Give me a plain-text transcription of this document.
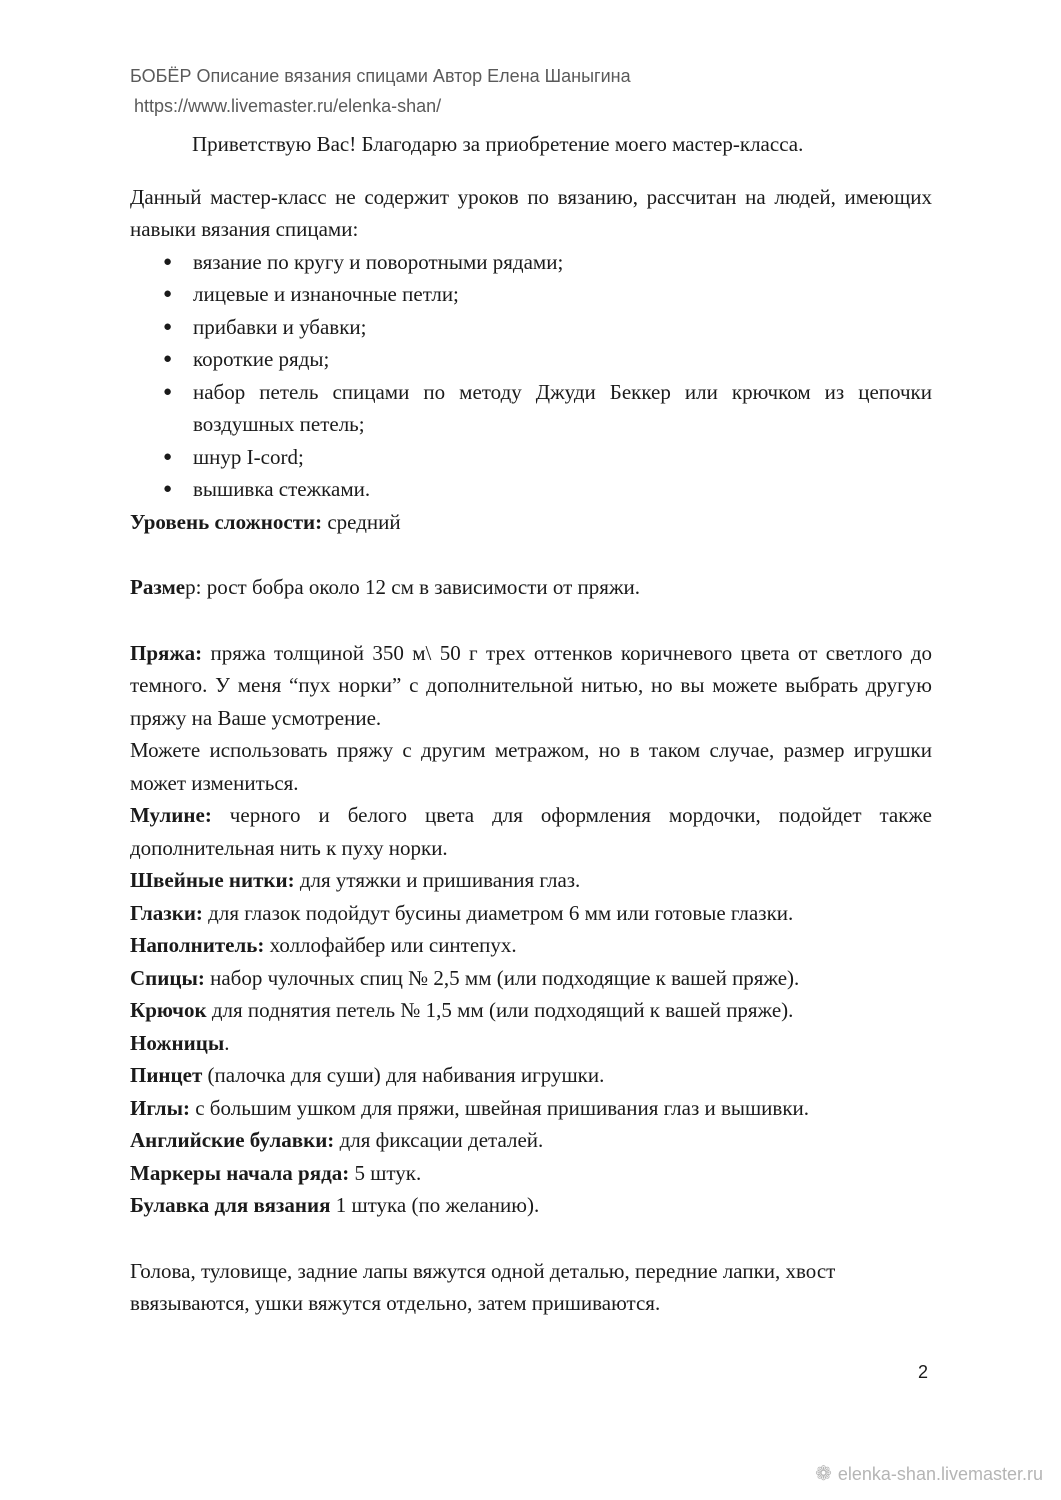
БОБЁР Описание вязания спицами Автор Елена Шаныгина
https://www.livemaster.ru/elenka-shan/

Приветствую Вас! Благодарю за приобретение моего мастер-класса.

Данный мастер-класс не содержит уроков по вязанию, рассчитан на людей, имеющих навыки вязания спицами:

● вязание по кругу и поворотными рядами;
● лицевые и изнаночные петли;
● прибавки и убавки;
● короткие ряды;
● набор петель спицами по методу Джуди Беккер или крючком из цепочки воздушных петель;
● шнур I-cord;
● вышивка стежками.

Уровень сложности: средний

Размер: рост бобра около 12 см в зависимости от пряжи.

Пряжа: пряжа толщиной 350 м\ 50 г трех оттенков коричневого цвета от светлого до темного. У меня “пух норки” с дополнительной нитью, но вы можете выбрать другую пряжу на Ваше усмотрение.

Можете использовать пряжу с другим метражом, но в таком случае, размер игрушки может измениться.

Мулине: черного и белого цвета для оформления мордочки, подойдет также дополнительная нить к пуху норки.

Швейные нитки: для утяжки и пришивания глаз.

Глазки: для глазок подойдут бусины диаметром 6 мм или готовые глазки.

Наполнитель: холлофайбер или синтепух.

Спицы: набор чулочных спиц № 2,5 мм (или подходящие к вашей пряже).

Крючок для поднятия петель № 1,5 мм (или подходящий к вашей пряже).

Ножницы.

Пинцет (палочка для суши) для набивания игрушки.

Иглы: с большим ушком для пряжи, швейная пришивания глаз и вышивки.

Английские булавки: для фиксации деталей.

Маркеры начала ряда: 5 штук.

Булавка для вязания 1 штука (по желанию).

Голова, туловище, задние лапы вяжутся одной деталью, передние лапки, хвост ввязываются, ушки вяжутся отдельно, затем пришиваются.

2
❁ elenka-shan.livemaster.ru
